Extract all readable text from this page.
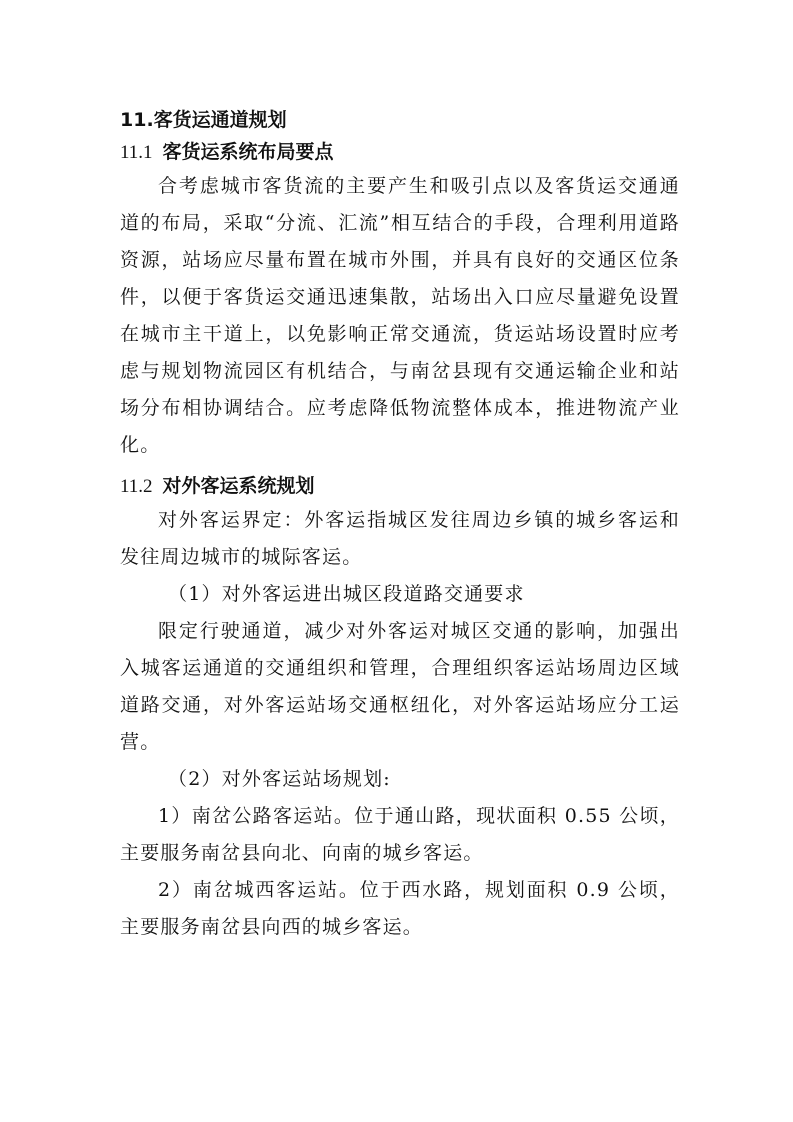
11.客货运通道规划
11.1 客货运系统布局要点

合考虑城市客货流的主要产生和吸引点以及客货运交通通道的布局，采取“分流、汇流”相互结合的手段，合理利用道路资源，站场应尽量布置在城市外围，并具有良好的交通区位条件，以便于客货运交通迅速集散，站场出入口应尽量避免设置在城市主干道上，以免影响正常交通流，货运站场设置时应考虑与规划物流园区有机结合，与南岔县现有交通运输企业和站场分布相协调结合。应考虑降低物流整体成本，推进物流产业化。

11.2 对外客运系统规划

对外客运界定：外客运指城区发往周边乡镇的城乡客运和发往周边城市的城际客运。

（1）对外客运进出城区段道路交通要求

限定行驶通道，减少对外客运对城区交通的影响，加强出入城客运通道的交通组织和管理，合理组织客运站场周边区域道路交通，对外客运站场交通枢纽化，对外客运站场应分工运营。

（2）对外客运站场规划:

1）南岔公路客运站。位于通山路，现状面积 0.55 公顷，主要服务南岔县向北、向南的城乡客运。

2）南岔城西客运站。位于西水路，规划面积 0.9 公顷，主要服务南岔县向西的城乡客运。
